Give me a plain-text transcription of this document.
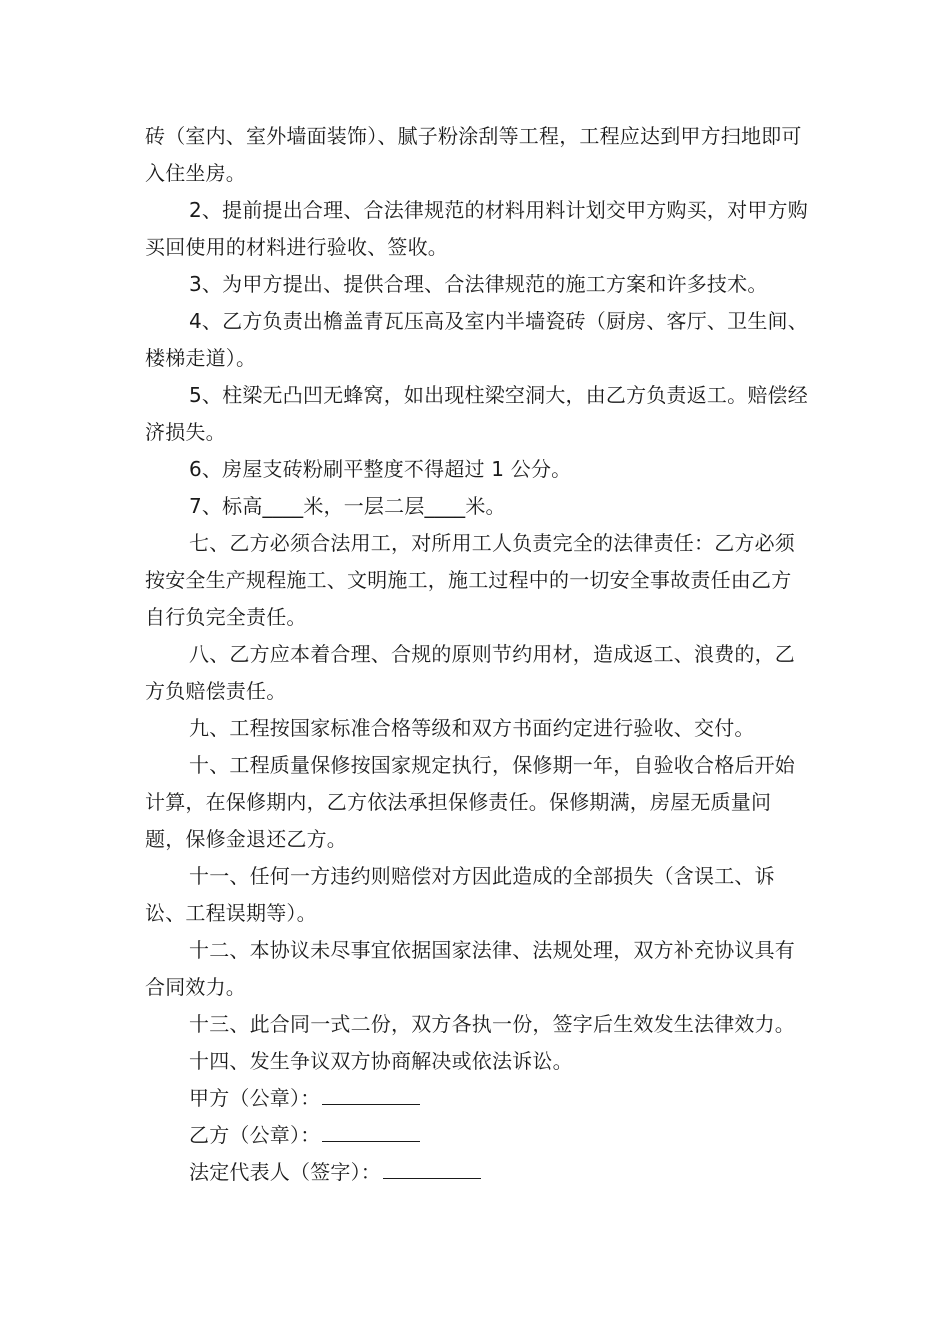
砖（室内、室外墙面装饰）、腻子粉涂刮等工程，工程应达到甲方扫地即可入住坐房。

2、提前提出合理、合法律规范的材料用料计划交甲方购买，对甲方购买回使用的材料进行验收、签收。

3、为甲方提出、提供合理、合法律规范的施工方案和许多技术。

4、乙方负责出檐盖青瓦压高及室内半墙瓷砖（厨房、客厅、卫生间、楼梯走道）。

5、柱梁无凸凹无蜂窝，如出现柱梁空洞大，由乙方负责返工。赔偿经济损失。

6、房屋支砖粉刷平整度不得超过 1 公分。

7、标高____米，一层二层____米。

七、乙方必须合法用工，对所用工人负责完全的法律责任：乙方必须按安全生产规程施工、文明施工，施工过程中的一切安全事故责任由乙方自行负完全责任。

八、乙方应本着合理、合规的原则节约用材，造成返工、浪费的，乙方负赔偿责任。

九、工程按国家标准合格等级和双方书面约定进行验收、交付。

十、工程质量保修按国家规定执行，保修期一年，自验收合格后开始计算，在保修期内，乙方依法承担保修责任。保修期满，房屋无质量问题，保修金退还乙方。

十一、任何一方违约则赔偿对方因此造成的全部损失（含误工、诉讼、工程误期等）。

十二、本协议未尽事宜依据国家法律、法规处理，双方补充协议具有合同效力。

十三、此合同一式二份，双方各执一份，签字后生效发生法律效力。

十四、发生争议双方协商解决或依法诉讼。

甲方（公章）：
乙方（公章）：
法定代表人（签字）：
